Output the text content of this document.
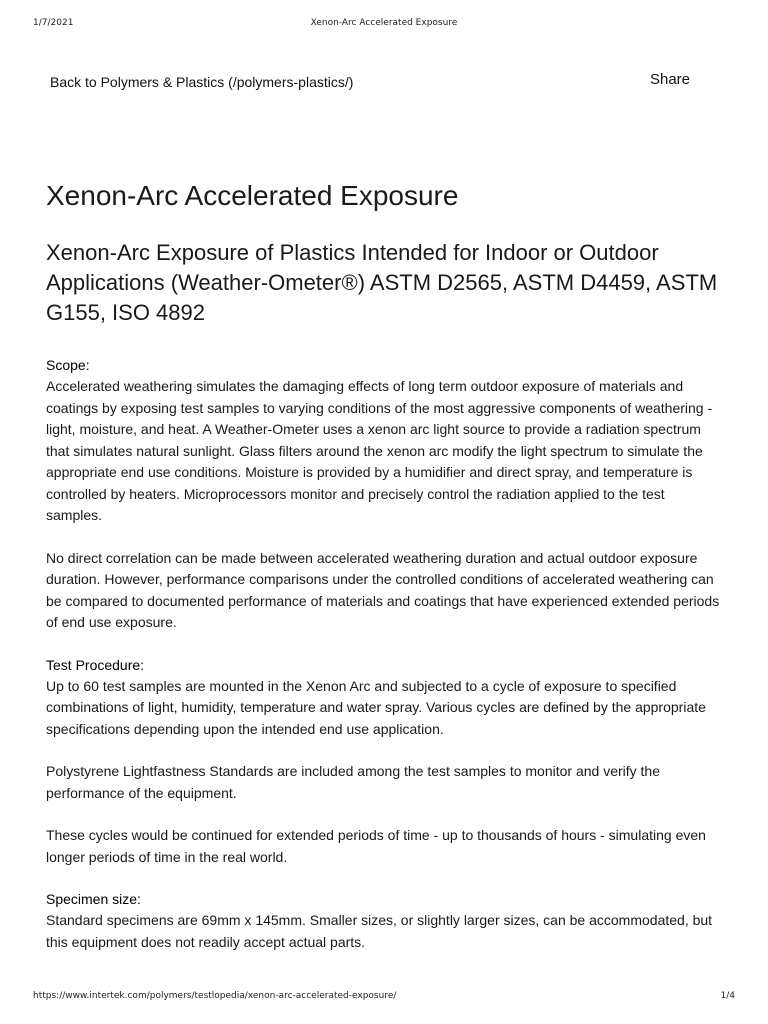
1/7/2021	Xenon-Arc Accelerated Exposure
Back to Polymers & Plastics (/polymers-plastics/)	Share
Xenon-Arc Accelerated Exposure
Xenon-Arc Exposure of Plastics Intended for Indoor or Outdoor Applications (Weather-Ometer®) ASTM D2565, ASTM D4459, ASTM G155, ISO 4892
Scope:

Accelerated weathering simulates the damaging effects of long term outdoor exposure of materials and coatings by exposing test samples to varying conditions of the most aggressive components of weathering - light, moisture, and heat. A Weather-Ometer uses a xenon arc light source to provide a radiation spectrum that simulates natural sunlight. Glass filters around the xenon arc modify the light spectrum to simulate the appropriate end use conditions. Moisture is provided by a humidifier and direct spray, and temperature is controlled by heaters. Microprocessors monitor and precisely control the radiation applied to the test samples.

No direct correlation can be made between accelerated weathering duration and actual outdoor exposure duration. However, performance comparisons under the controlled conditions of accelerated weathering can be compared to documented performance of materials and coatings that have experienced extended periods of end use exposure.

Test Procedure:

Up to 60 test samples are mounted in the Xenon Arc and subjected to a cycle of exposure to specified combinations of light, humidity, temperature and water spray. Various cycles are defined by the appropriate specifications depending upon the intended end use application.

Polystyrene Lightfastness Standards are included among the test samples to monitor and verify the performance of the equipment.

These cycles would be continued for extended periods of time - up to thousands of hours - simulating even longer periods of time in the real world.

Specimen size:

Standard specimens are 69mm x 145mm. Smaller sizes, or slightly larger sizes, can be accommodated, but this equipment does not readily accept actual parts.

https://www.intertek.com/polymers/testlopedia/xenon-arc-accelerated-exposure/	1/4
